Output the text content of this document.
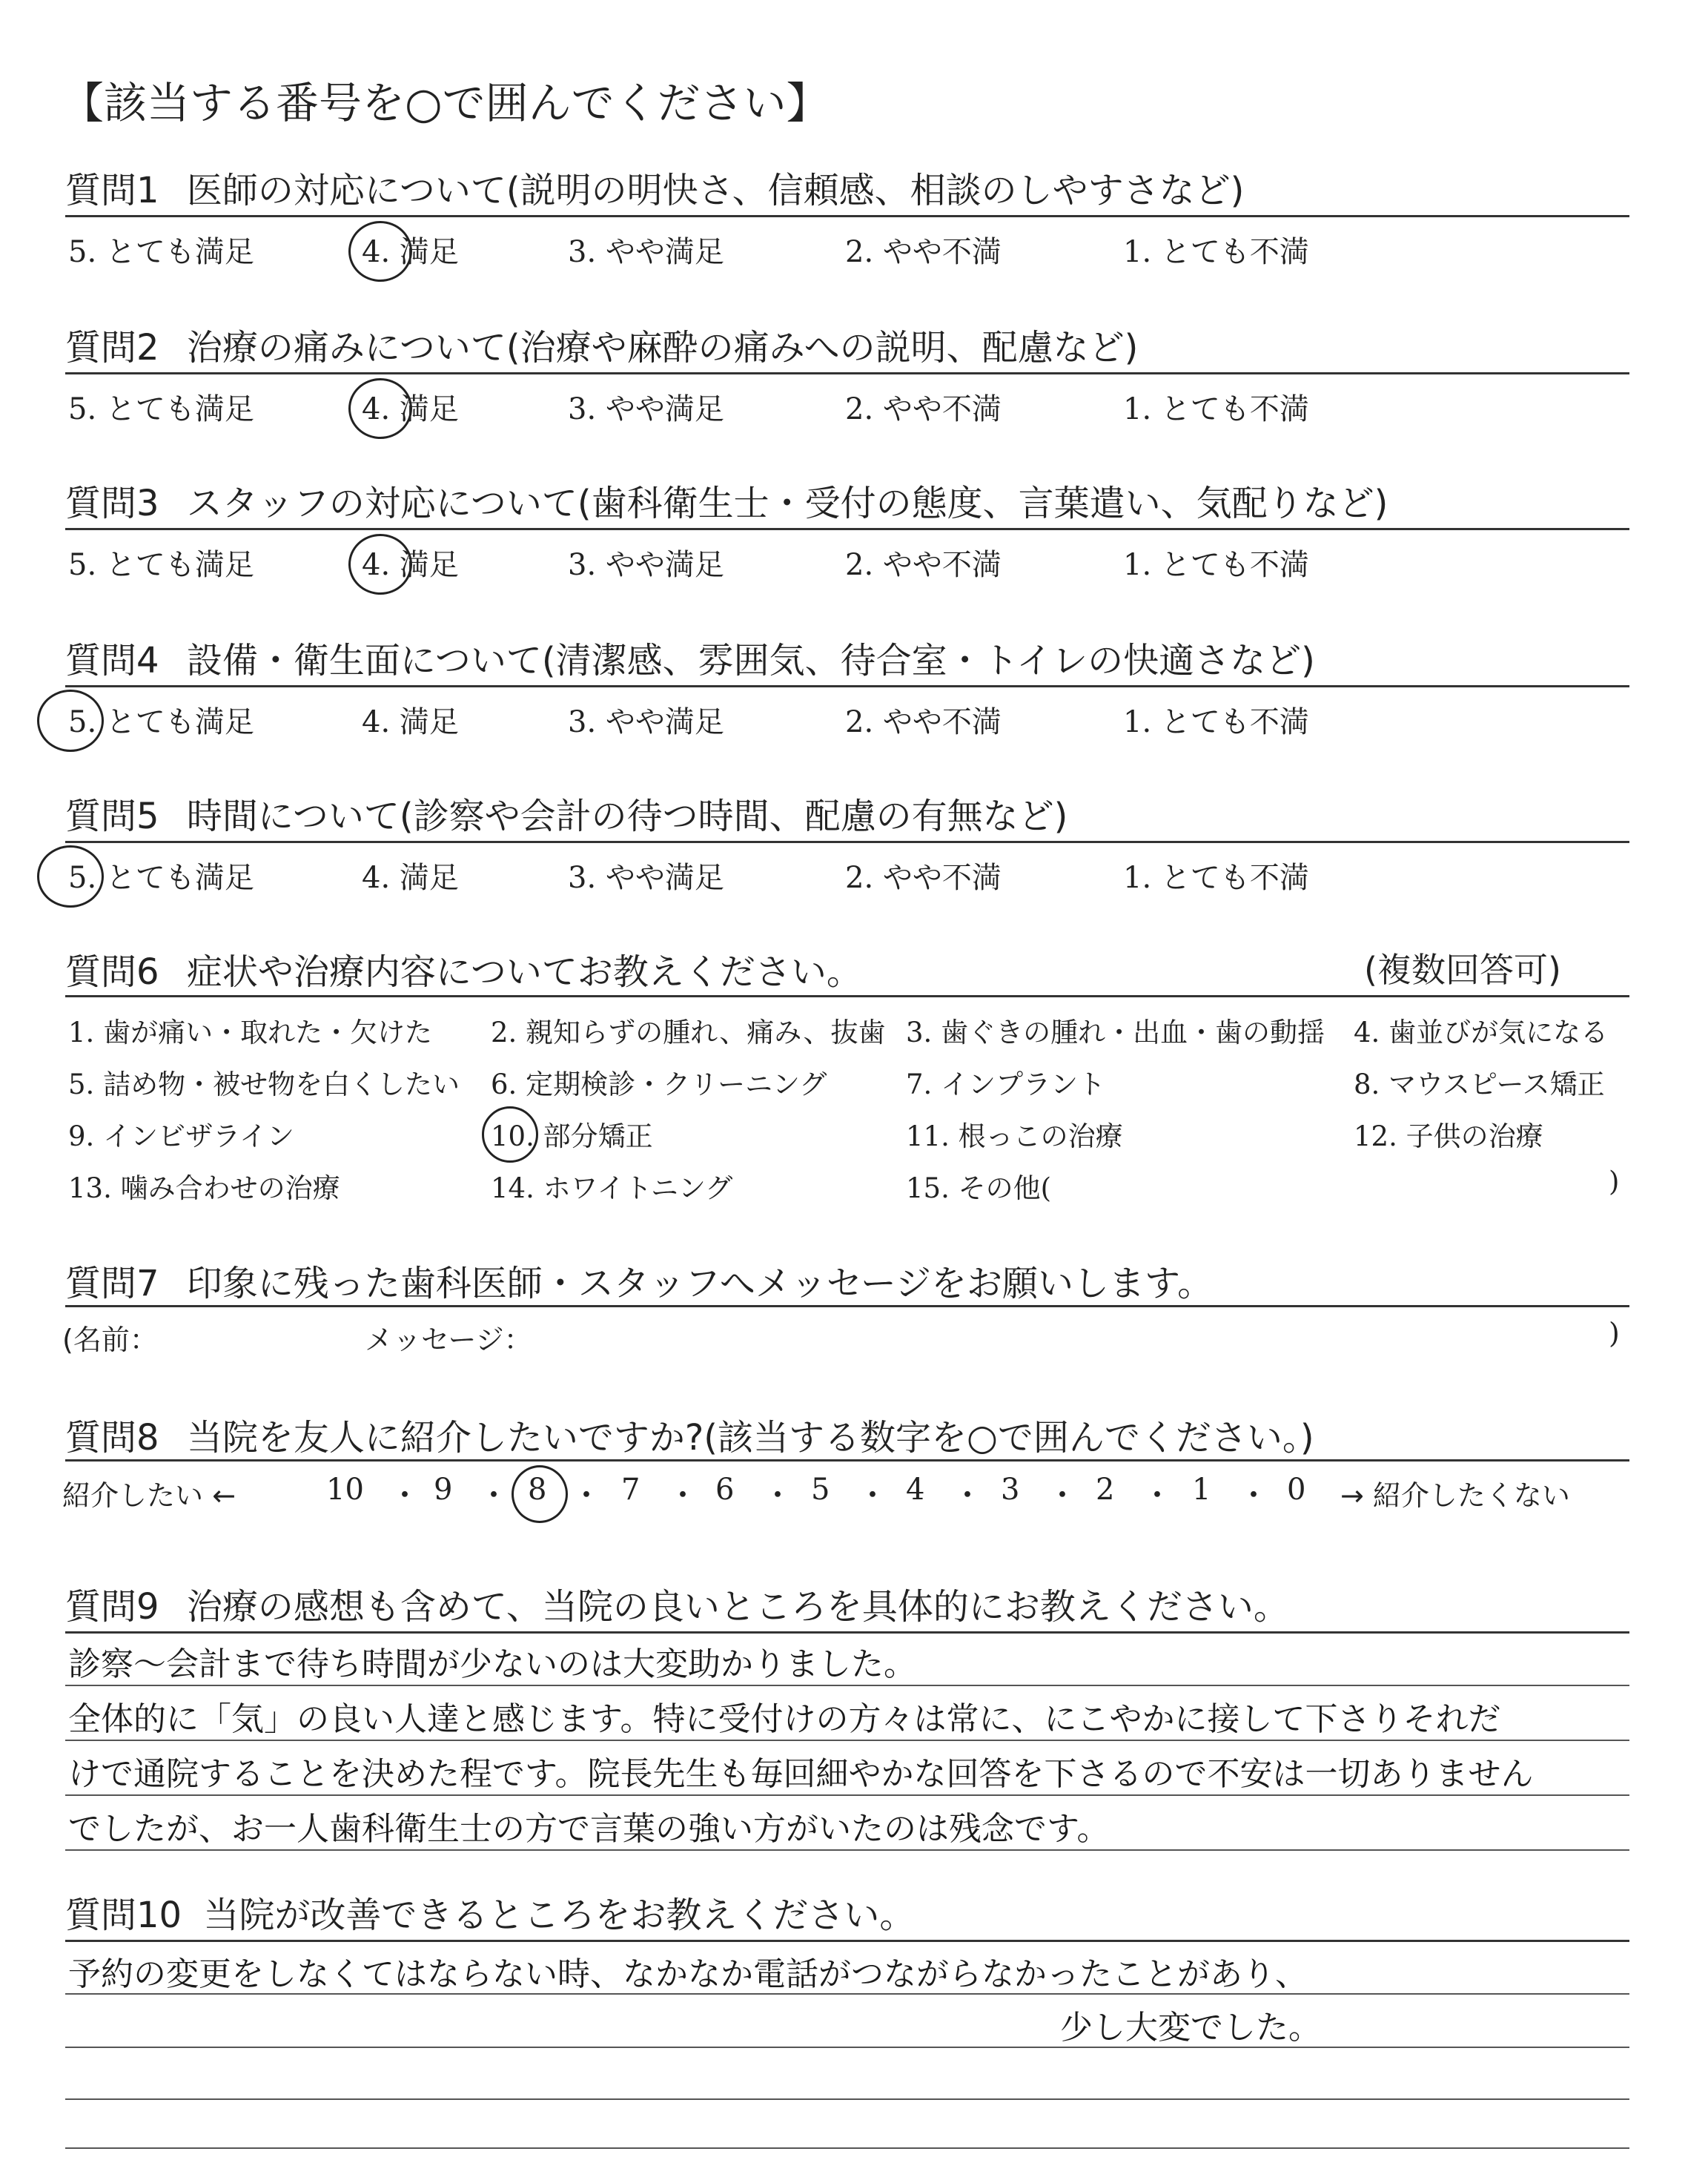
【該当する番号を○で囲んでください】
質問1 医師の対応について(説明の明快さ、信頼感、相談のしやすさなど)
5. とても満足	4. 満足	3. やや満足	2. やや不満	1. とても不満
質問2 治療の痛みについて(治療や麻酔の痛みへの説明、配慮など)
5. とても満足	4. 満足	3. やや満足	2. やや不満	1. とても不満
質問3 スタッフの対応について(歯科衛生士・受付の態度、言葉遣い、気配りなど)
5. とても満足	4. 満足	3. やや満足	2. やや不満	1. とても不満
質問4 設備・衛生面について(清潔感、雰囲気、待合室・トイレの快適さなど)
5. とても満足	4. 満足	3. やや満足	2. やや不満	1. とても不満
質問5 時間について(診察や会計の待つ時間、配慮の有無など)
5. とても満足	4. 満足	3. やや満足	2. やや不満	1. とても不満
質問6 症状や治療内容についてお教えください。	(複数回答可)
1. 歯が痛い・取れた・欠けた 2. 親知らずの腫れ、痛み、抜歯 3. 歯ぐきの腫れ・出血・歯の動揺 4. 歯並びが気になる
5. 詰め物・被せ物を白くしたい 6. 定期検診・クリーニング	7. インプラント	8. マウスピース矯正
9. インビザライン	10. 部分矯正	11. 根っこの治療	12. 子供の治療
13. 噛み合わせの治療	14. ホワイトニング	15. その他(	)
質問7 印象に残った歯科医師・スタッフへメッセージをお願いします。
(名前：	メッセージ：	)
質問8 当院を友人に紹介したいですか?(該当する数字を○で囲んでください。)
紹介したい ←	10 ・ 9 ・ 8 ・ 7 ・ 6 ・ 5 ・ 4 ・ 3 ・ 2 ・ 1 ・ 0 → 紹介したくない
質問9 治療の感想も含めて、当院の良いところを具体的にお教えください。
診察〜会計まで待ち時間が少ないのは大変助かりました。
全体的に「気」の良い人達と感じます。特に受付けの方々は常に、にこやかに接して下さりそれだ
けで通院することを決めた程です。院長先生も毎回細やかな回答を下さるので不安は一切ありません
でしたが、お一人歯科衛生士の方で言葉の強い方がいたのは残念です。
質問10 当院が改善できるところをお教えください。
予約の変更をしなくてはならない時、なかなか電話がつながらなかったことがあり、
少し大変でした。
